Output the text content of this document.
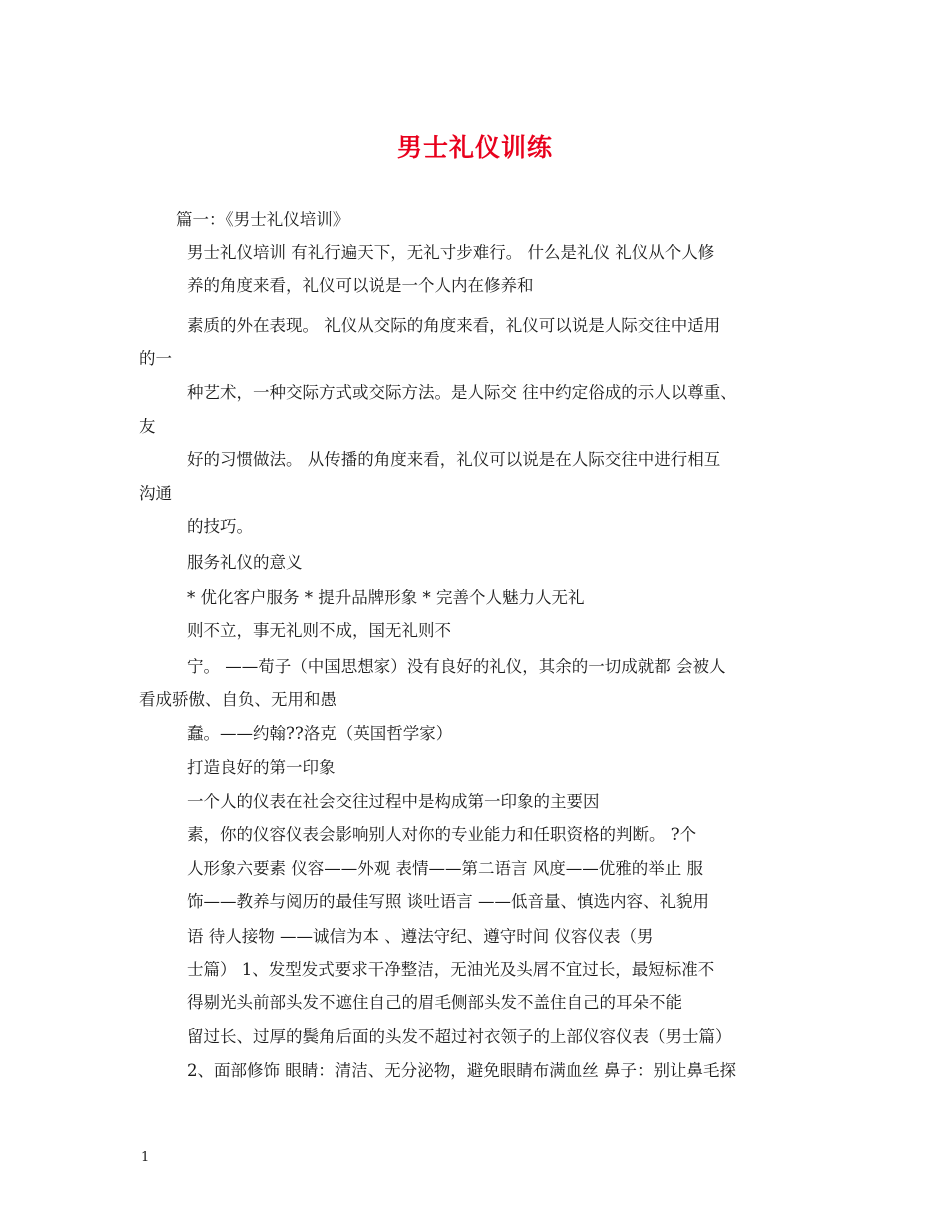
男士礼仪训练
篇一：《男士礼仪培训》
男士礼仪培训 有礼行遍天下，无礼寸步难行。 什么是礼仪 礼仪从个人修
养的角度来看，礼仪可以说是一个人内在修养和
素质的外在表现。 礼仪从交际的角度来看，礼仪可以说是人际交往中适用
的一
种艺术，一种交际方式或交际方法。是人际交 往中约定俗成的示人以尊重、
友
好的习惯做法。 从传播的角度来看，礼仪可以说是在人际交往中进行相互
沟通
的技巧。
服务礼仪的意义
* 优化客户服务 * 提升品牌形象 * 完善个人魅力人无礼
则不立，事无礼则不成，国无礼则不
宁。 ——荀子（中国思想家）没有良好的礼仪，其余的一切成就都 会被人
看成骄傲、自负、无用和愚
蠢。——约翰??洛克（英国哲学家）
打造良好的第一印象
一个人的仪表在社会交往过程中是构成第一印象的主要因
素，你的仪容仪表会影响别人对你的专业能力和任职资格的判断。 ?个
人形象六要素 仪容——外观 表情——第二语言 风度——优雅的举止 服
饰——教养与阅历的最佳写照 谈吐语言 ——低音量、慎选内容、礼貌用
语 待人接物 ——诚信为本 、遵法守纪、遵守时间 仪容仪表（男
士篇） 1、发型发式要求干净整洁，无油光及头屑不宜过长，最短标准不
得剔光头前部头发不遮住自己的眉毛侧部头发不盖住自己的耳朵不能
留过长、过厚的鬓角后面的头发不超过衬衣领子的上部仪容仪表（男士篇）
2、面部修饰 眼睛：清洁、无分泌物，避免眼睛布满血丝 鼻子：别让鼻毛探
1
